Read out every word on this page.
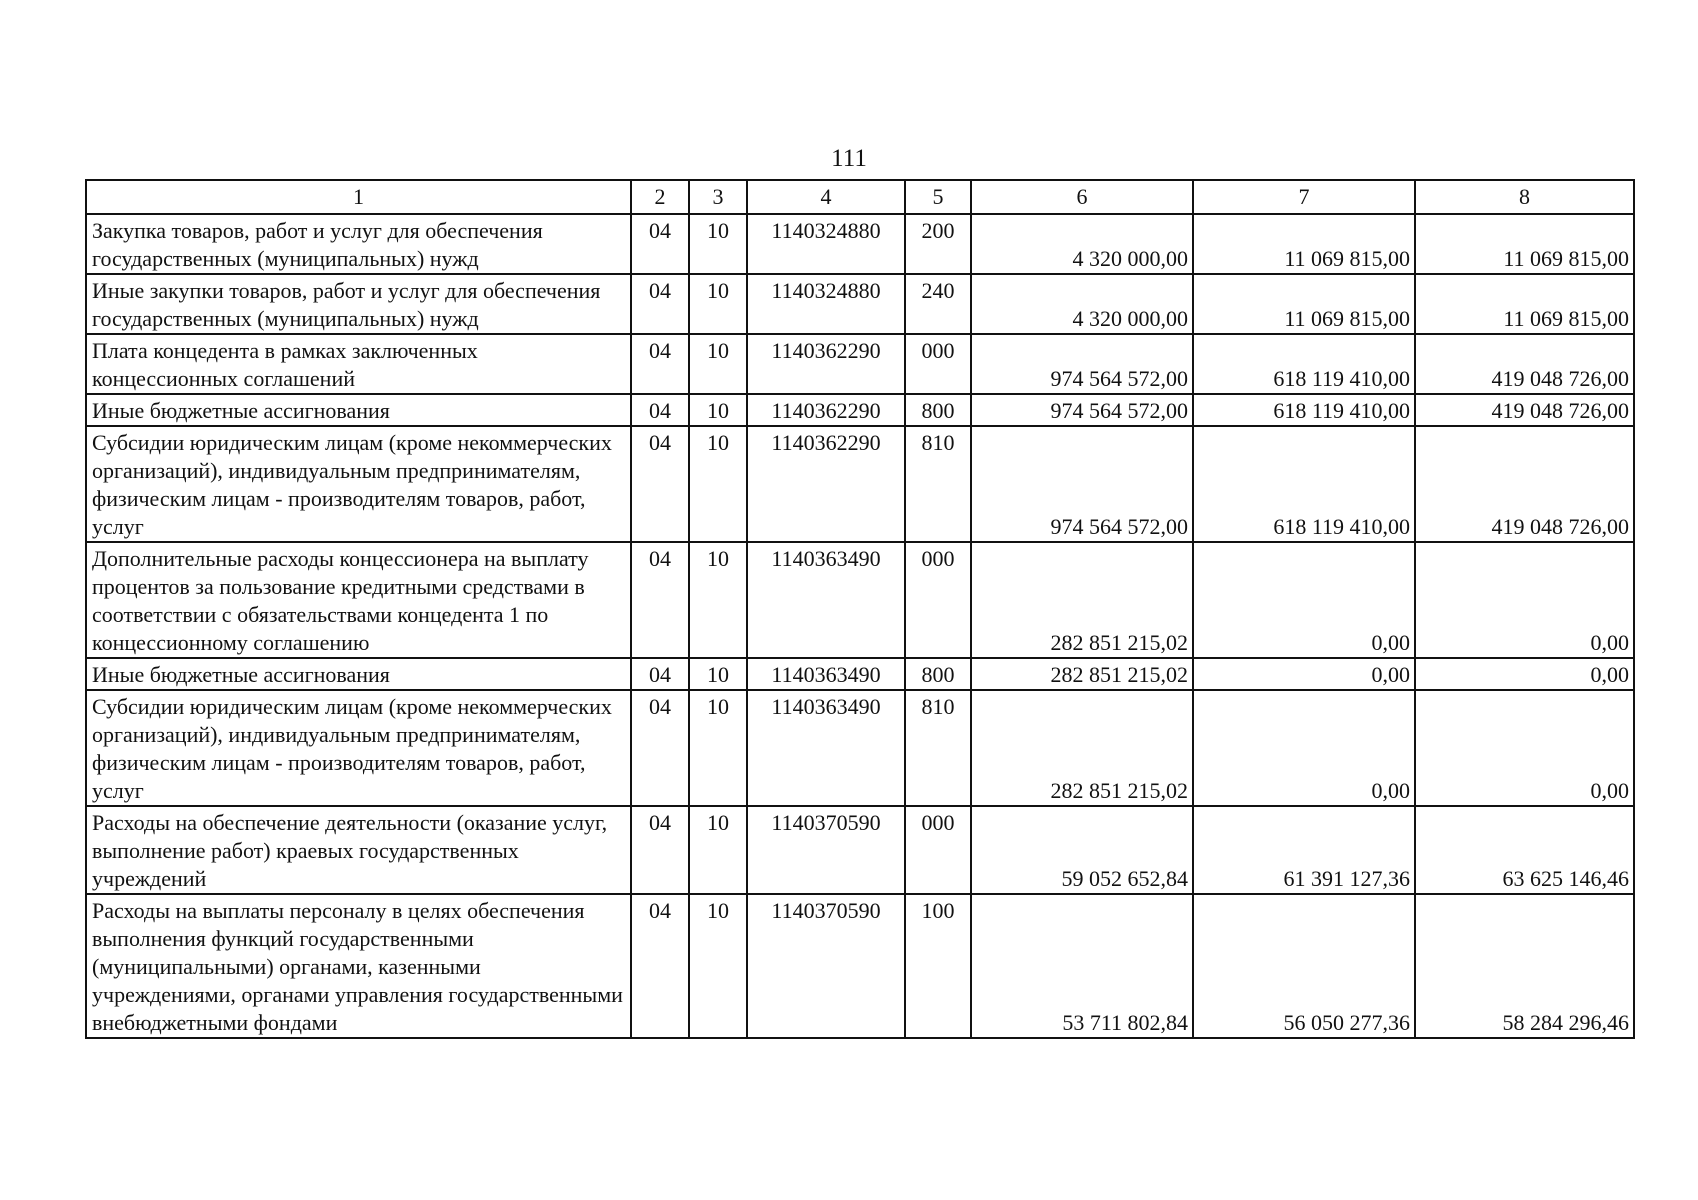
111
1	2	3	4	5	6	7	8
Закупка товаров, работ и услуг для обеспечения государственных (муниципальных) нужд	04	10	1140324880	200	4 320 000,00	11 069 815,00	11 069 815,00
Иные закупки товаров, работ и услуг для обеспечения государственных (муниципальных) нужд	04	10	1140324880	240	4 320 000,00	11 069 815,00	11 069 815,00
Плата концедента в рамках заключенных концессионных соглашений	04	10	1140362290	000	974 564 572,00	618 119 410,00	419 048 726,00
Иные бюджетные ассигнования	04	10	1140362290	800	974 564 572,00	618 119 410,00	419 048 726,00
Субсидии юридическим лицам (кроме некоммерческих организаций), индивидуальным предпринимателям, физическим лицам - производителям товаров, работ, услуг	04	10	1140362290	810	974 564 572,00	618 119 410,00	419 048 726,00
Дополнительные расходы концессионера на выплату процентов за пользование кредитными средствами в соответствии с обязательствами концедента 1 по концессионному соглашению	04	10	1140363490	000	282 851 215,02	0,00	0,00
Иные бюджетные ассигнования	04	10	1140363490	800	282 851 215,02	0,00	0,00
Субсидии юридическим лицам (кроме некоммерческих организаций), индивидуальным предпринимателям, физическим лицам - производителям товаров, работ, услуг	04	10	1140363490	810	282 851 215,02	0,00	0,00
Расходы на обеспечение деятельности (оказание услуг, выполнение работ) краевых государственных учреждений	04	10	1140370590	000	59 052 652,84	61 391 127,36	63 625 146,46
Расходы на выплаты персоналу в целях обеспечения выполнения функций государственными (муниципальными) органами, казенными учреждениями, органами управления государственными внебюджетными фондами	04	10	1140370590	100	53 711 802,84	56 050 277,36	58 284 296,46
